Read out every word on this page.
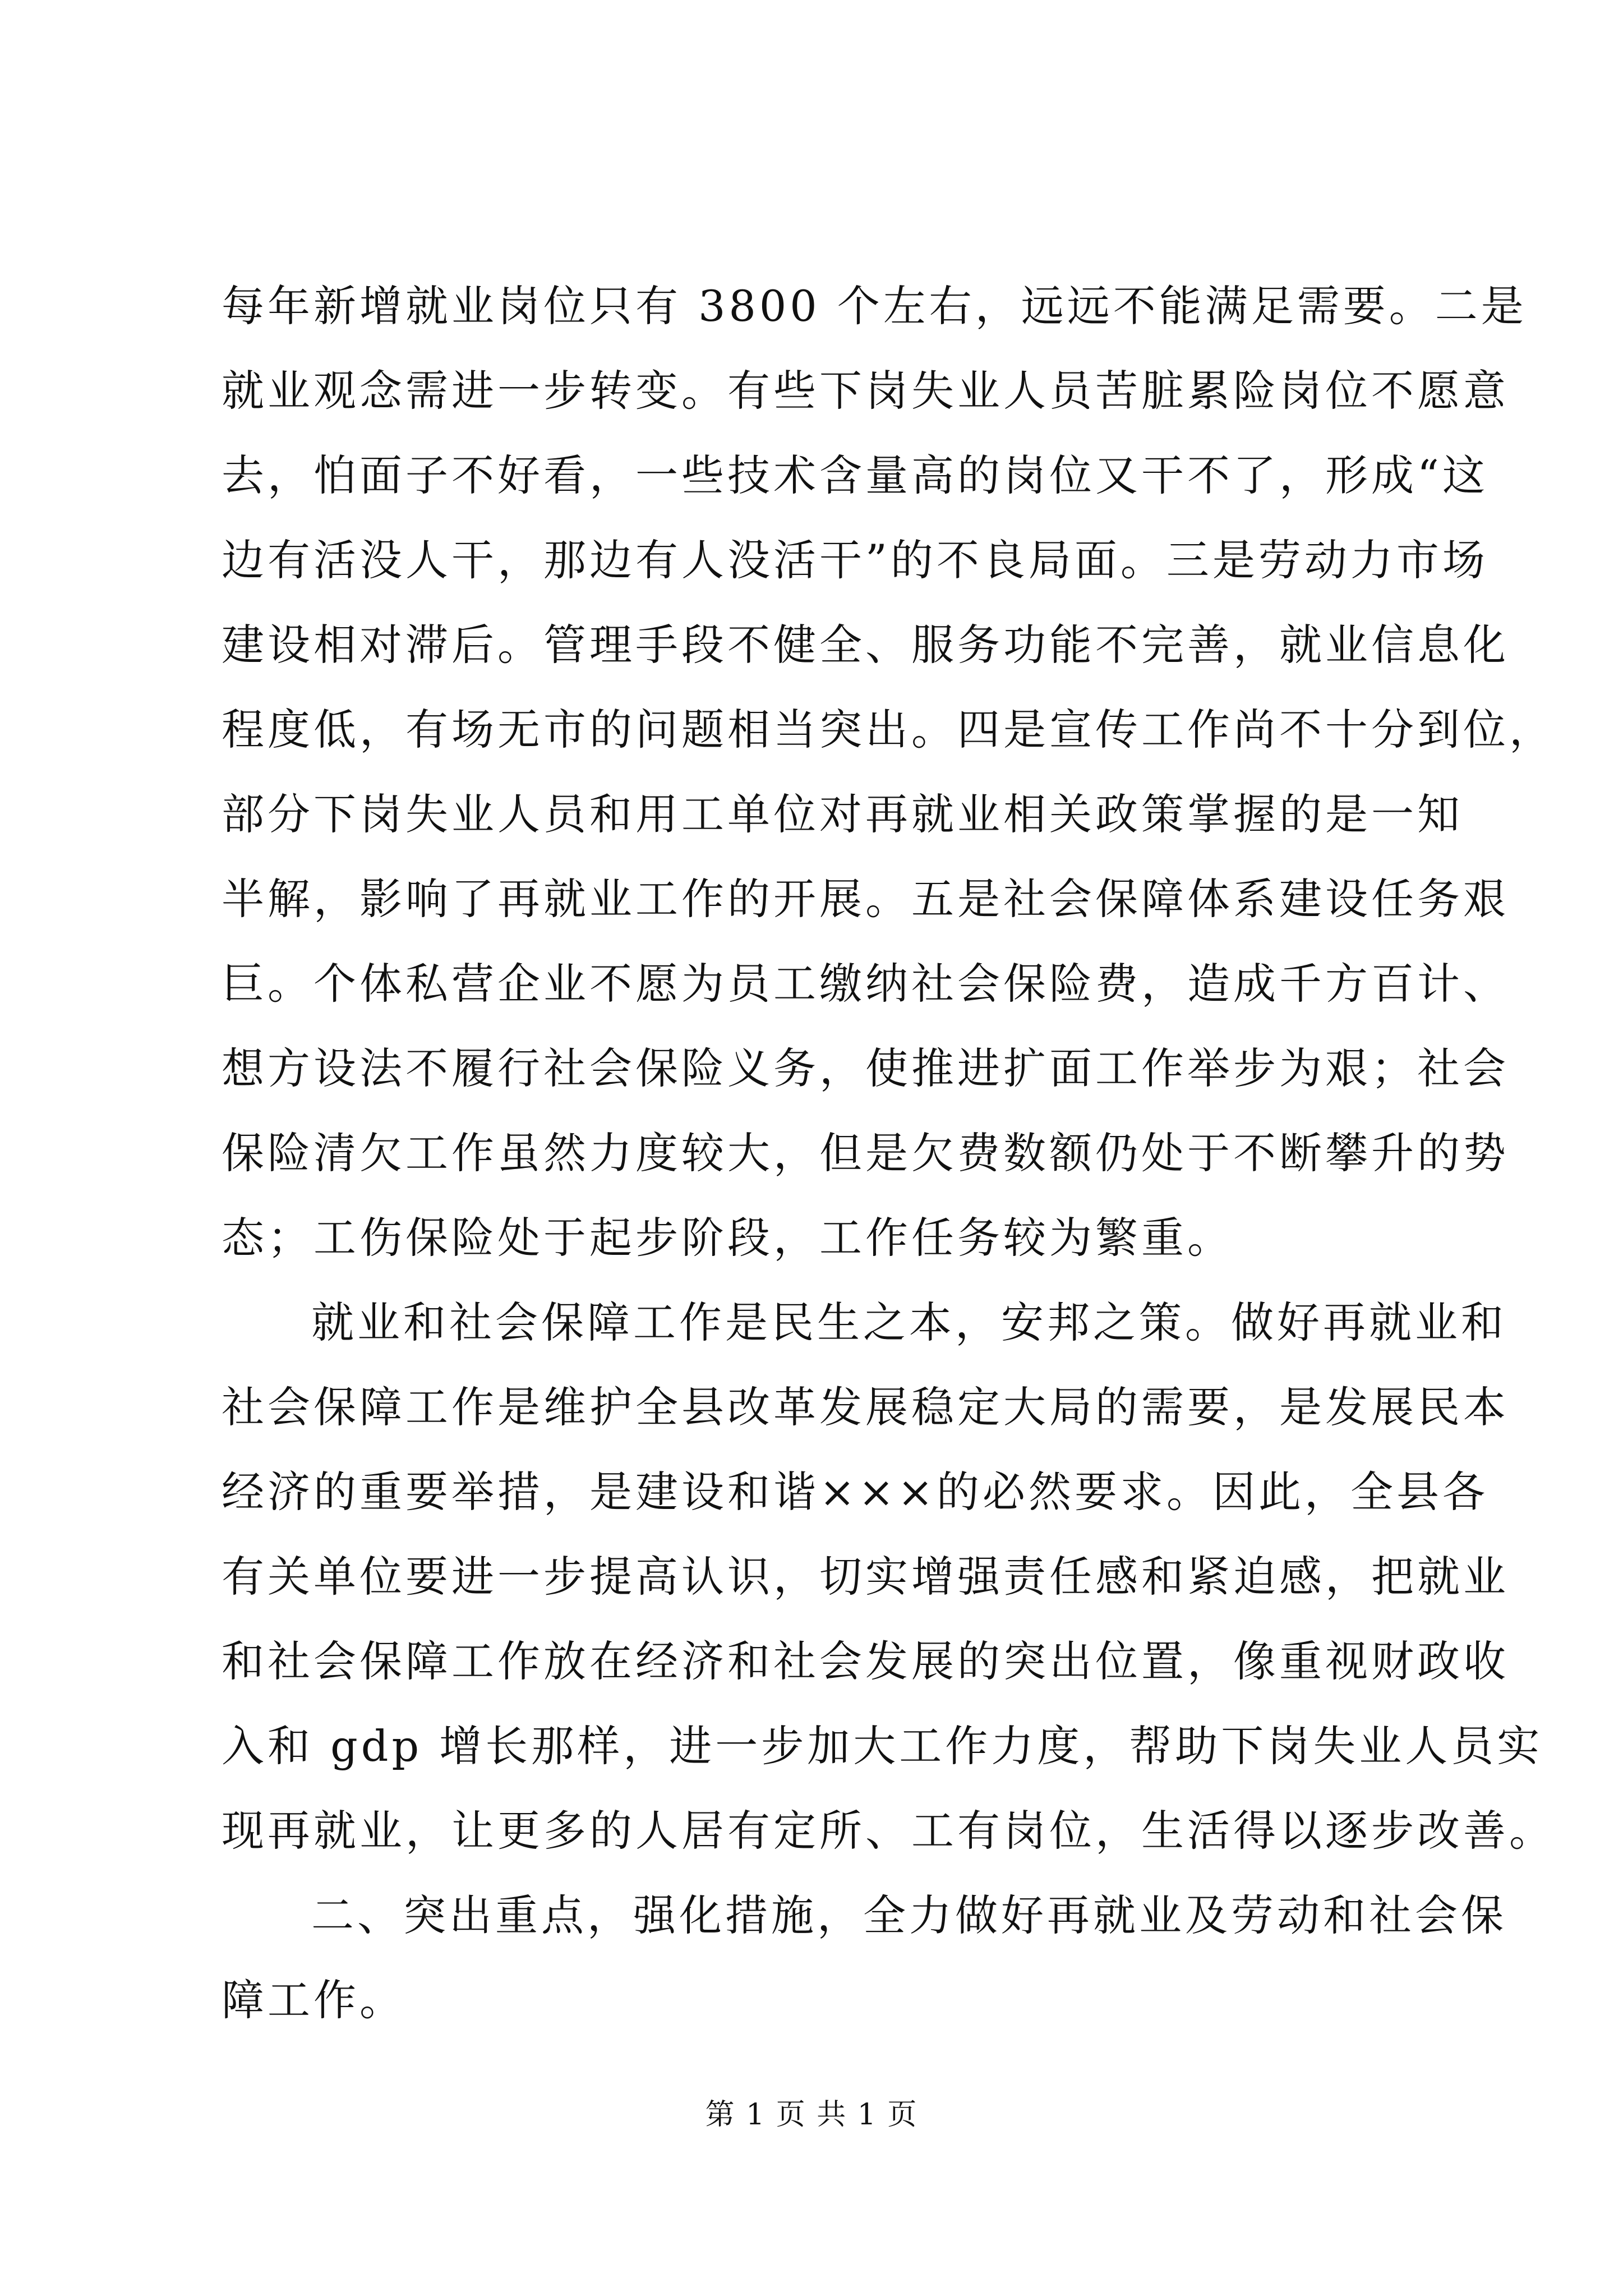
每年新增就业岗位只有 3800 个左右，远远不能满足需要。二是
就业观念需进一步转变。有些下岗失业人员苦脏累险岗位不愿意
去，怕面子不好看，一些技术含量高的岗位又干不了，形成“这
边有活没人干，那边有人没活干”的不良局面。三是劳动力市场
建设相对滞后。管理手段不健全、服务功能不完善，就业信息化
程度低，有场无市的问题相当突出。四是宣传工作尚不十分到位，
部分下岗失业人员和用工单位对再就业相关政策掌握的是一知
半解，影响了再就业工作的开展。五是社会保障体系建设任务艰
巨。个体私营企业不愿为员工缴纳社会保险费，造成千方百计、
想方设法不履行社会保险义务，使推进扩面工作举步为艰；社会
保险清欠工作虽然力度较大，但是欠费数额仍处于不断攀升的势
态；工伤保险处于起步阶段，工作任务较为繁重。
就业和社会保障工作是民生之本，安邦之策。做好再就业和
社会保障工作是维护全县改革发展稳定大局的需要，是发展民本
经济的重要举措，是建设和谐×××的必然要求。因此，全县各
有关单位要进一步提高认识，切实增强责任感和紧迫感，把就业
和社会保障工作放在经济和社会发展的突出位置，像重视财政收
入和 gdp 增长那样，进一步加大工作力度，帮助下岗失业人员实
现再就业，让更多的人居有定所、工有岗位，生活得以逐步改善。
二、突出重点，强化措施，全力做好再就业及劳动和社会保
障工作。
第 1 页 共 1 页
